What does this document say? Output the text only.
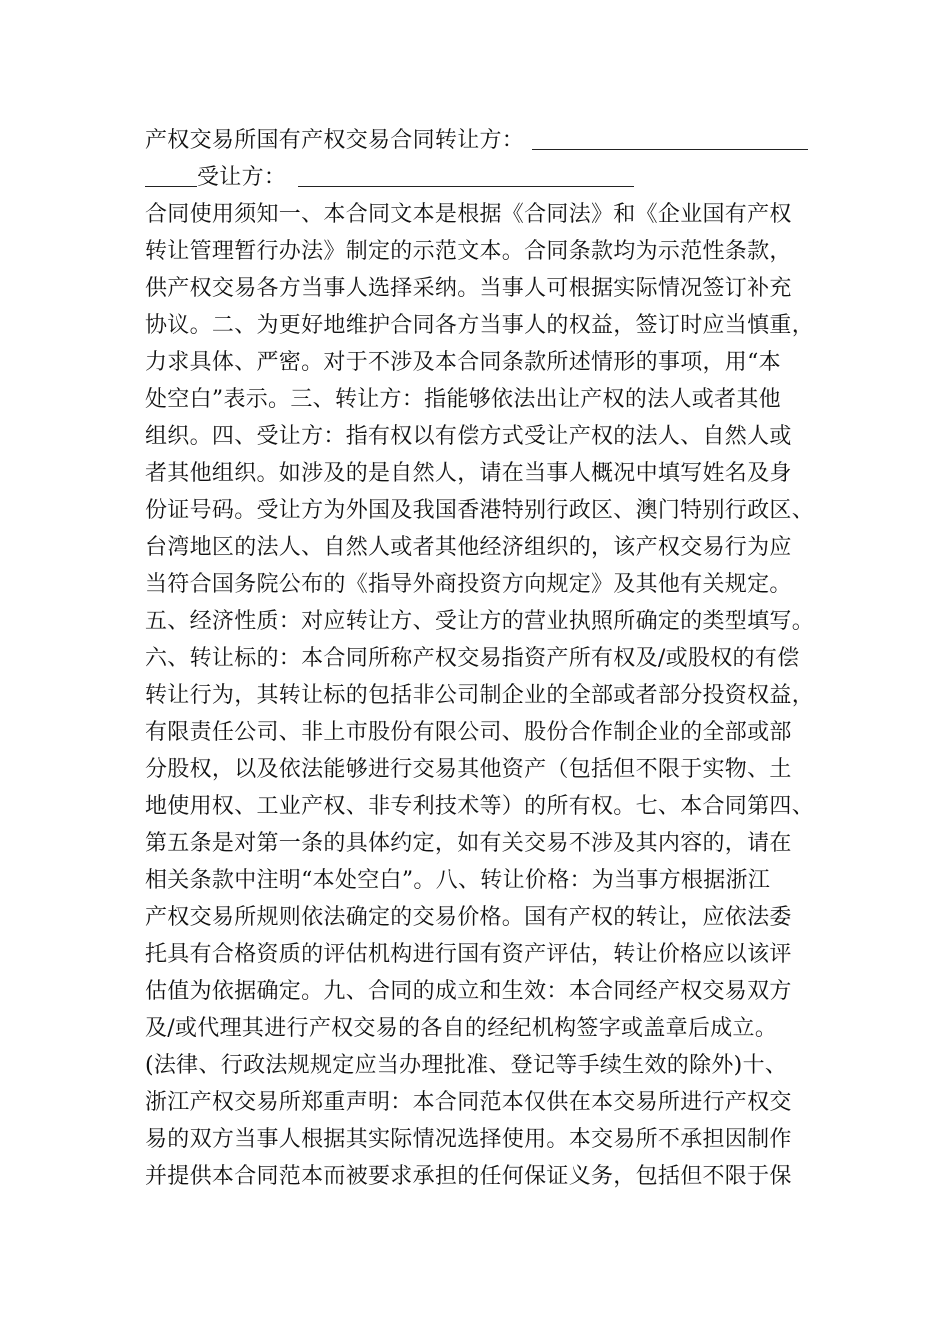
产权交易所国有产权交易合同转让方：
受让方：
合同使用须知一、本合同文本是根据《合同法》和《企业国有产权
转让管理暂行办法》制定的示范文本。合同条款均为示范性条款，
供产权交易各方当事人选择采纳。当事人可根据实际情况签订补充
协议。二、为更好地维护合同各方当事人的权益，签订时应当慎重，
力求具体、严密。对于不涉及本合同条款所述情形的事项，用“本
处空白”表示。三、转让方：指能够依法出让产权的法人或者其他
组织。四、受让方：指有权以有偿方式受让产权的法人、自然人或
者其他组织。如涉及的是自然人，请在当事人概况中填写姓名及身
份证号码。受让方为外国及我国香港特别行政区、澳门特别行政区、
台湾地区的法人、自然人或者其他经济组织的，该产权交易行为应
当符合国务院公布的《指导外商投资方向规定》及其他有关规定。
五、经济性质：对应转让方、受让方的营业执照所确定的类型填写。
六、转让标的：本合同所称产权交易指资产所有权及/或股权的有偿
转让行为，其转让标的包括非公司制企业的全部或者部分投资权益，
有限责任公司、非上市股份有限公司、股份合作制企业的全部或部
分股权，以及依法能够进行交易其他资产（包括但不限于实物、土
地使用权、工业产权、非专利技术等）的所有权。七、本合同第四、
第五条是对第一条的具体约定，如有关交易不涉及其内容的，请在
相关条款中注明“本处空白”。八、转让价格：为当事方根据浙江
产权交易所规则依法确定的交易价格。国有产权的转让，应依法委
托具有合格资质的评估机构进行国有资产评估，转让价格应以该评
估值为依据确定。九、合同的成立和生效：本合同经产权交易双方
及/或代理其进行产权交易的各自的经纪机构签字或盖章后成立。
(法律、行政法规规定应当办理批准、登记等手续生效的除外)十、
浙江产权交易所郑重声明：本合同范本仅供在本交易所进行产权交
易的双方当事人根据其实际情况选择使用。本交易所不承担因制作
并提供本合同范本而被要求承担的任何保证义务，包括但不限于保
